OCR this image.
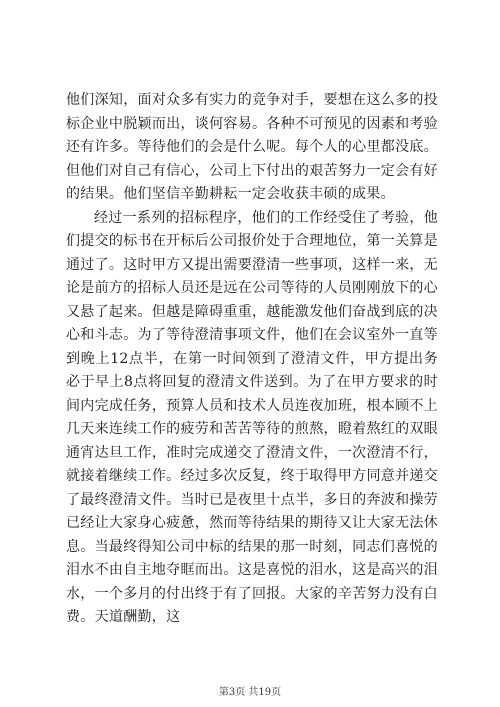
他们深知，面对众多有实力的竞争对手，要想在这么多的投标企业中脱颖而出，谈何容易。各种不可预见的因素和考验还有许多。等待他们的会是什么呢。每个人的心里都没底。但他们对自己有信心，公司上下付出的艰苦努力一定会有好的结果。他们坚信辛勤耕耘一定会收获丰硕的成果。

经过一系列的招标程序，他们的工作经受住了考验，他们提交的标书在开标后公司报价处于合理地位，第一关算是通过了。这时甲方又提出需要澄清一些事项，这样一来，无论是前方的招标人员还是远在公司等待的人员刚刚放下的心又悬了起来。但越是障碍重重，越能激发他们奋战到底的决心和斗志。为了等待澄清事项文件，他们在会议室外一直等到晚上12点半，在第一时间领到了澄清文件，甲方提出务必于早上8点将回复的澄清文件送到。为了在甲方要求的时间内完成任务，预算人员和技术人员连夜加班，根本顾不上几天来连续工作的疲劳和苦苦等待的煎熬，瞪着熬红的双眼通宵达旦工作，准时完成递交了澄清文件，一次澄清不行，就接着继续工作。经过多次反复，终于取得甲方同意并递交了最终澄清文件。当时已是夜里十点半，多日的奔波和操劳已经让大家身心疲惫，然而等待结果的期待又让大家无法休息。当最终得知公司中标的结果的那一时刻，同志们喜悦的泪水不由自主地夺眶而出。这是喜悦的泪水，这是高兴的泪水，一个多月的付出终于有了回报。大家的辛苦努力没有白费。天道酬勤，这

第3页 共19页
